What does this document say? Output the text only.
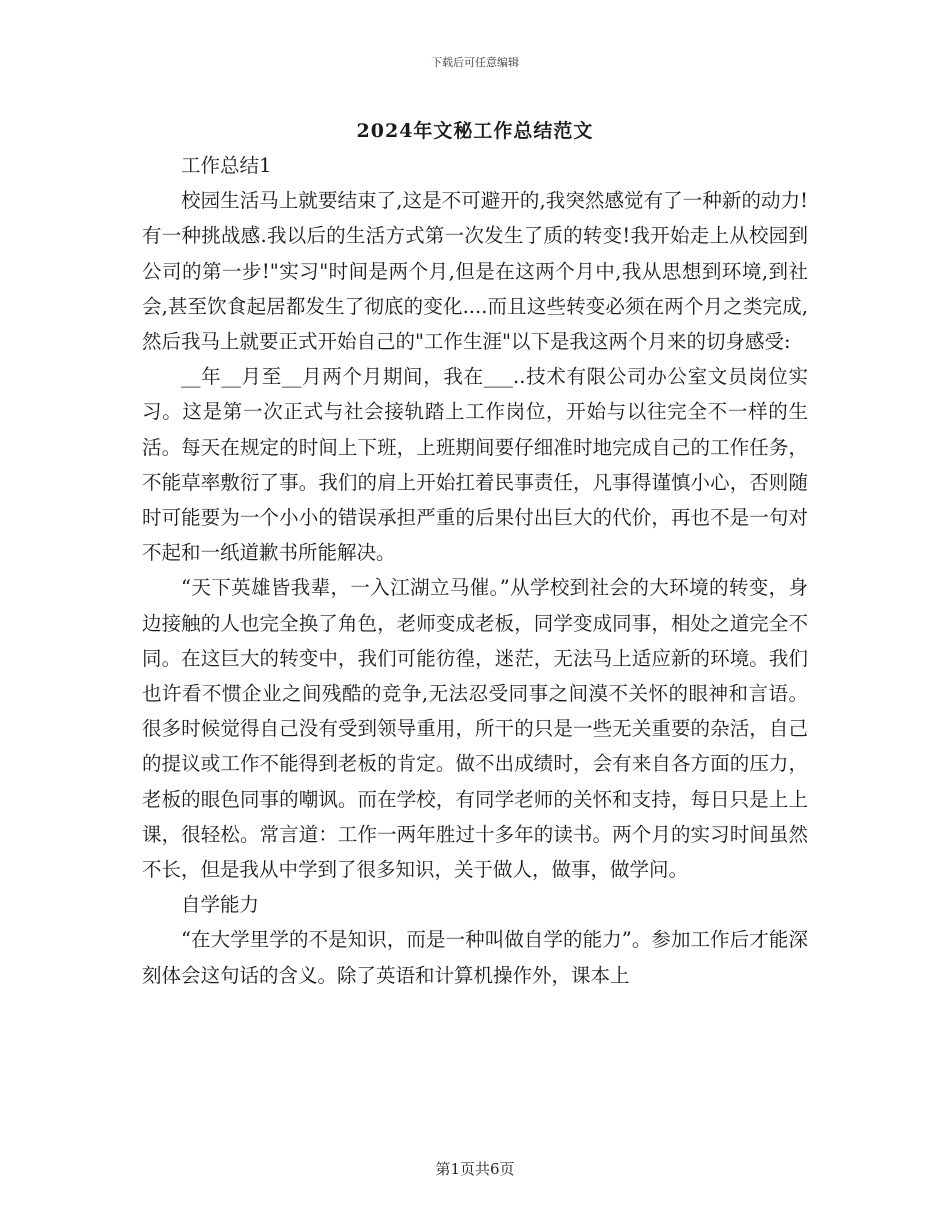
下载后可任意编辑
2024年文秘工作总结范文

工作总结1

校园生活马上就要结束了,这是不可避开的,我突然感觉有了一种新的动力!有一种挑战感.我以后的生活方式第一次发生了质的转变!我开始走上从校园到公司的第一步!"实习"时间是两个月,但是在这两个月中,我从思想到环境,到社会,甚至饮食起居都发生了彻底的变化....而且这些转变必须在两个月之类完成,然后我马上就要正式开始自己的"工作生涯"以下是我这两个月来的切身感受:

__年__月至__月两个月期间，我在___..技术有限公司办公室文员岗位实习。这是第一次正式与社会接轨踏上工作岗位，开始与以往完全不一样的生活。每天在规定的时间上下班，上班期间要仔细准时地完成自己的工作任务，不能草率敷衍了事。我们的肩上开始扛着民事责任，凡事得谨慎小心，否则随时可能要为一个小小的错误承担严重的后果付出巨大的代价，再也不是一句对不起和一纸道歉书所能解决。

“天下英雄皆我辈，一入江湖立马催。”从学校到社会的大环境的转变，身边接触的人也完全换了角色，老师变成老板，同学变成同事，相处之道完全不同。在这巨大的转变中，我们可能彷徨，迷茫，无法马上适应新的环境。我们也许看不惯企业之间残酷的竞争,无法忍受同事之间漠不关怀的眼神和言语。很多时候觉得自己没有受到领导重用，所干的只是一些无关重要的杂活，自己的提议或工作不能得到老板的肯定。做不出成绩时，会有来自各方面的压力，老板的眼色同事的嘲讽。而在学校，有同学老师的关怀和支持，每日只是上上课，很轻松。常言道：工作一两年胜过十多年的读书。两个月的实习时间虽然不长，但是我从中学到了很多知识，关于做人，做事，做学问。

自学能力

“在大学里学的不是知识，而是一种叫做自学的能力”。参加工作后才能深刻体会这句话的含义。除了英语和计算机操作外，课本上

第1页共6页
